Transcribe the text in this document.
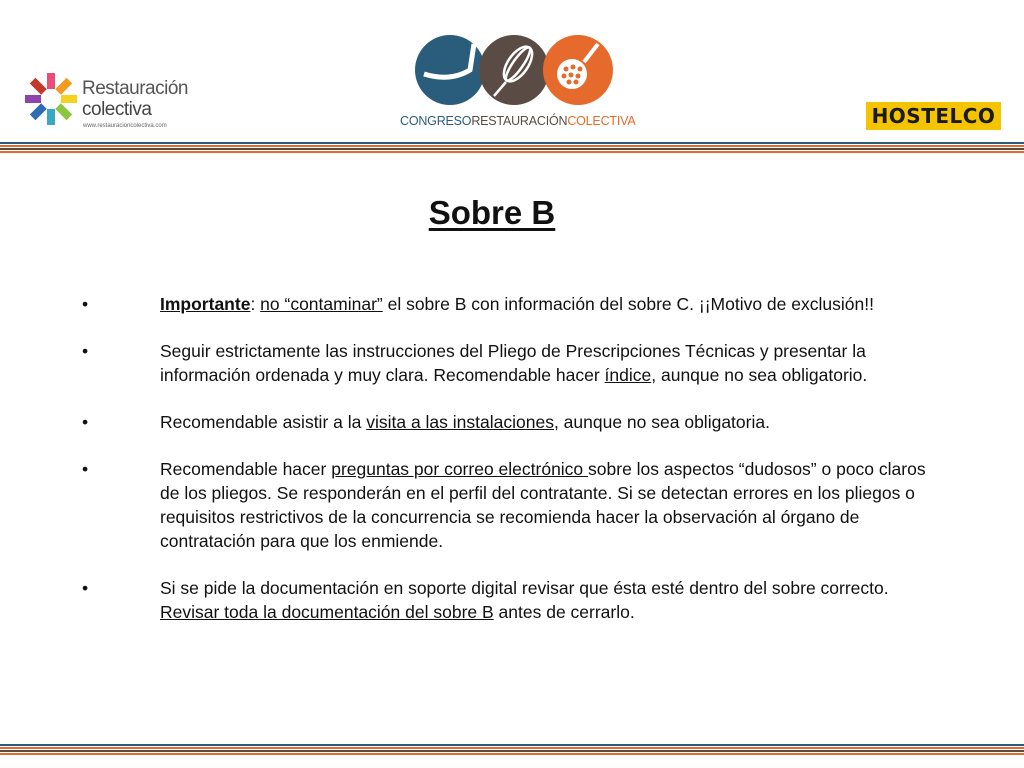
Restauración
colectiva
www.restauracioncolectiva.com	CONGRESORESTAURACIÓNCOLECTIVA	HOSTELCO
Sobre B
•	Importante: no “contaminar” el sobre B con información del sobre C. ¡¡Motivo de exclusión!!
•	Seguir estrictamente las instrucciones del Pliego de Prescripciones Técnicas y presentar la información ordenada y muy clara. Recomendable hacer índice, aunque no sea obligatorio.
•	Recomendable asistir a la visita a las instalaciones, aunque no sea obligatoria.
•	Recomendable hacer preguntas por correo electrónico sobre los aspectos “dudosos” o poco claros de los pliegos. Se responderán en el perfil del contratante. Si se detectan errores en los pliegos o requisitos restrictivos de la concurrencia se recomienda hacer la observación al órgano de contratación para que los enmiende.
•	Si se pide la documentación en soporte digital revisar que ésta esté dentro del sobre correcto. Revisar toda la documentación del sobre B antes de cerrarlo.
